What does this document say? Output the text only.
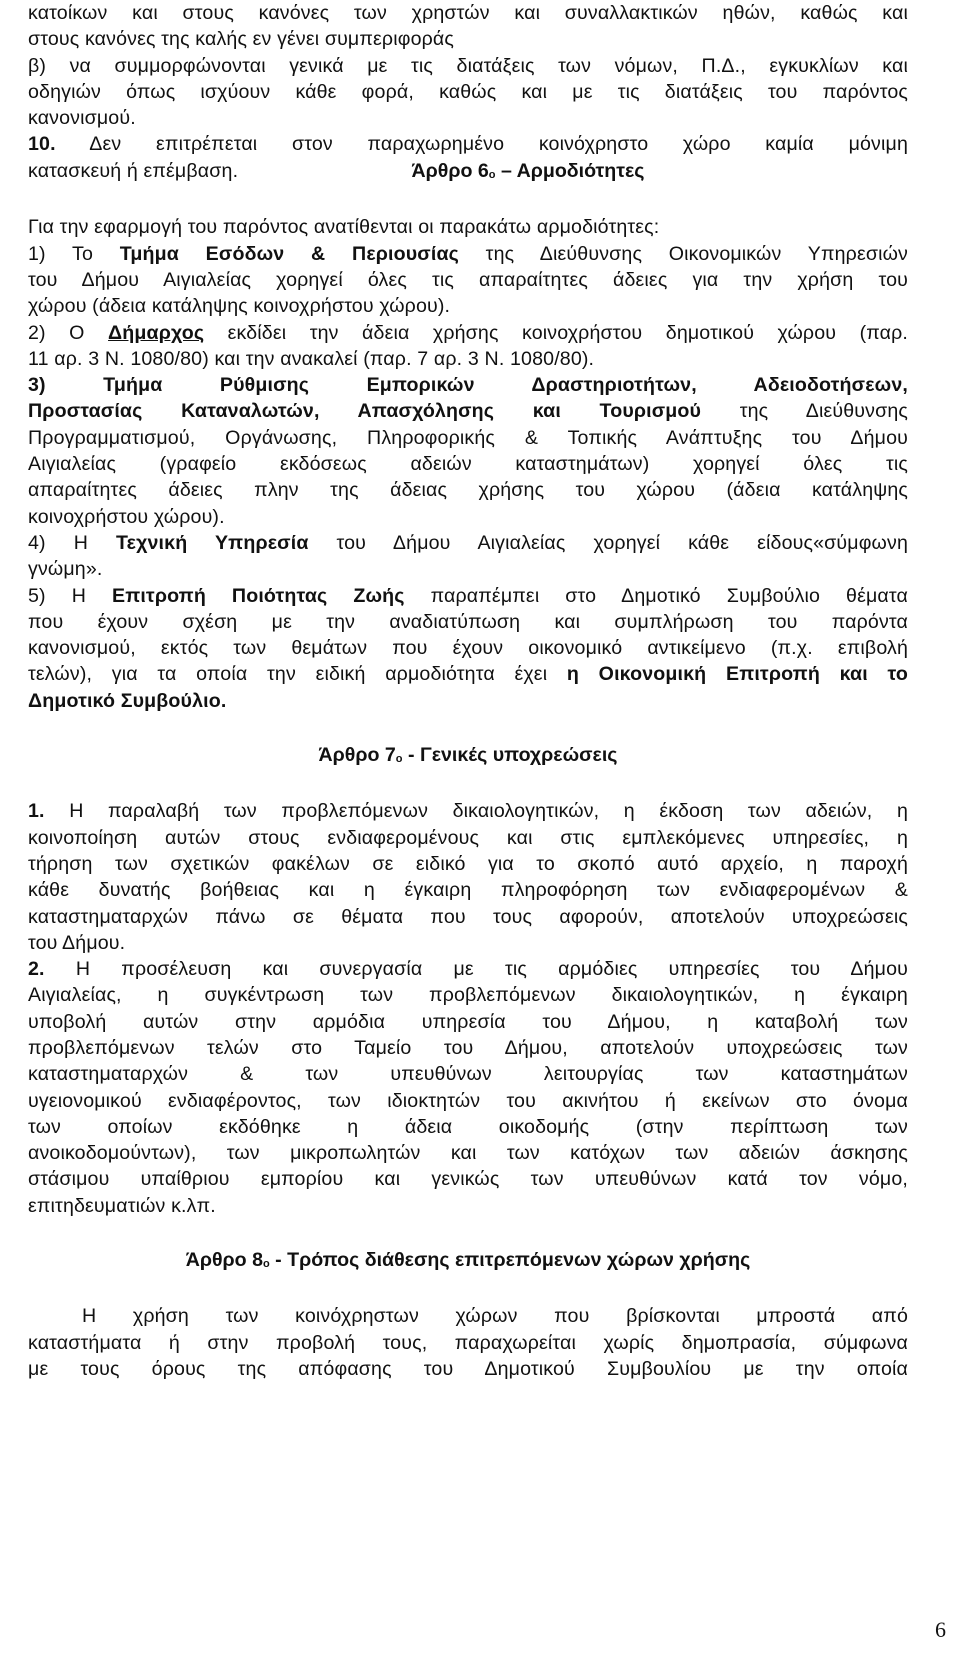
κατοίκων και στους κανόνες των χρηστών και συναλλακτικών ηθών, καθώς και

στους κανόνες της καλής εν γένει συμπεριφοράς

β) να συμμορφώνονται γενικά με τις διατάξεις των νόμων, Π.Δ., εγκυκλίων και

οδηγιών όπως ισχύουν κάθε φορά, καθώς και με τις διατάξεις του παρόντος

κανονισμού.

10. Δεν επιτρέπεται στον παραχωρημένο κοινόχρηστο χώρο καμία μόνιμη

κατασκευή ή επέμβαση.	Άρθρο 6ο – Αρμοδιότητες

Για την εφαρμογή του παρόντος ανατίθενται οι παρακάτω αρμοδιότητες:

1) Το Τμήμα Εσόδων & Περιουσίας της Διεύθυνσης Οικονομικών Υπηρεσιών

του Δήμου Αιγιαλείας χορηγεί όλες τις απαραίτητες άδειες για την χρήση του

χώρου (άδεια κατάληψης κοινοχρήστου χώρου).

2) Ο Δήμαρχος εκδίδει την άδεια χρήσης κοινοχρήστου δημοτικού χώρου (παρ.

11 αρ. 3 Ν. 1080/80) και την ανακαλεί (παρ. 7 αρ. 3 Ν. 1080/80).

3) Τμήμα Ρύθμισης Εμπορικών Δραστηριοτήτων, Αδειοδοτήσεων,

Προστασίας Καταναλωτών, Απασχόλησης και Τουρισμού της Διεύθυνσης

Προγραμματισμού, Οργάνωσης, Πληροφορικής & Τοπικής Ανάπτυξης του Δήμου

Αιγιαλείας (γραφείο εκδόσεως αδειών καταστημάτων) χορηγεί όλες τις

απαραίτητες άδειες πλην της άδειας χρήσης του χώρου (άδεια κατάληψης

κοινοχρήστου χώρου).

4) Η Τεχνική Υπηρεσία του Δήμου Αιγιαλείας χορηγεί κάθε είδους«σύμφωνη

γνώμη».

5) Η Επιτροπή Ποιότητας Ζωής παραπέμπει στο Δημοτικό Συμβούλιο θέματα

που έχουν σχέση με την αναδιατύπωση και συμπλήρωση του παρόντα

κανονισμού, εκτός των θεμάτων που έχουν οικονομικό αντικείμενο (π.χ. επιβολή

τελών), για τα οποία την ειδική αρμοδιότητα έχει η Οικονομική Επιτροπή και το

Δημοτικό Συμβούλιο.

Άρθρο 7ο - Γενικές υποχρεώσεις

1. Η παραλαβή των προβλεπόμενων δικαιολογητικών, η έκδοση των αδειών, η

κοινοποίηση αυτών στους ενδιαφερομένους και στις εμπλεκόμενες υπηρεσίες, η

τήρηση των σχετικών φακέλων σε ειδικό για το σκοπό αυτό αρχείο, η παροχή

κάθε δυνατής βοήθειας και η έγκαιρη πληροφόρηση των ενδιαφερομένων &

καταστηματαρχών πάνω σε θέματα που τους αφορούν, αποτελούν υποχρεώσεις

του Δήμου.

2. Η προσέλευση και συνεργασία με τις αρμόδιες υπηρεσίες του Δήμου

Αιγιαλείας, η συγκέντρωση των προβλεπόμενων δικαιολογητικών, η έγκαιρη

υποβολή αυτών στην αρμόδια υπηρεσία του Δήμου, η καταβολή των

προβλεπόμενων τελών στο Ταμείο του Δήμου, αποτελούν υποχρεώσεις των

καταστηματαρχών & των υπευθύνων λειτουργίας των καταστημάτων

υγειονομικού ενδιαφέροντος, των ιδιοκτητών του ακινήτου ή εκείνων στο όνομα

των οποίων εκδόθηκε η άδεια οικοδομής (στην περίπτωση των

ανοικοδομούντων), των μικροπωλητών και των κατόχων των αδειών άσκησης

στάσιμου υπαίθριου εμπορίου και γενικώς των υπευθύνων κατά τον νόμο,

επιτηδευματιών κ.λπ.

Άρθρο 8ο - Τρόπος διάθεσης επιτρεπόμενων χώρων χρήσης

Η χρήση των κοινόχρηστων χώρων που βρίσκονται μπροστά από

καταστήματα ή στην προβολή τους, παραχωρείται χωρίς δημοπρασία, σύμφωνα

με τους όρους της απόφασης του Δημοτικού Συμβουλίου με την οποία

6
